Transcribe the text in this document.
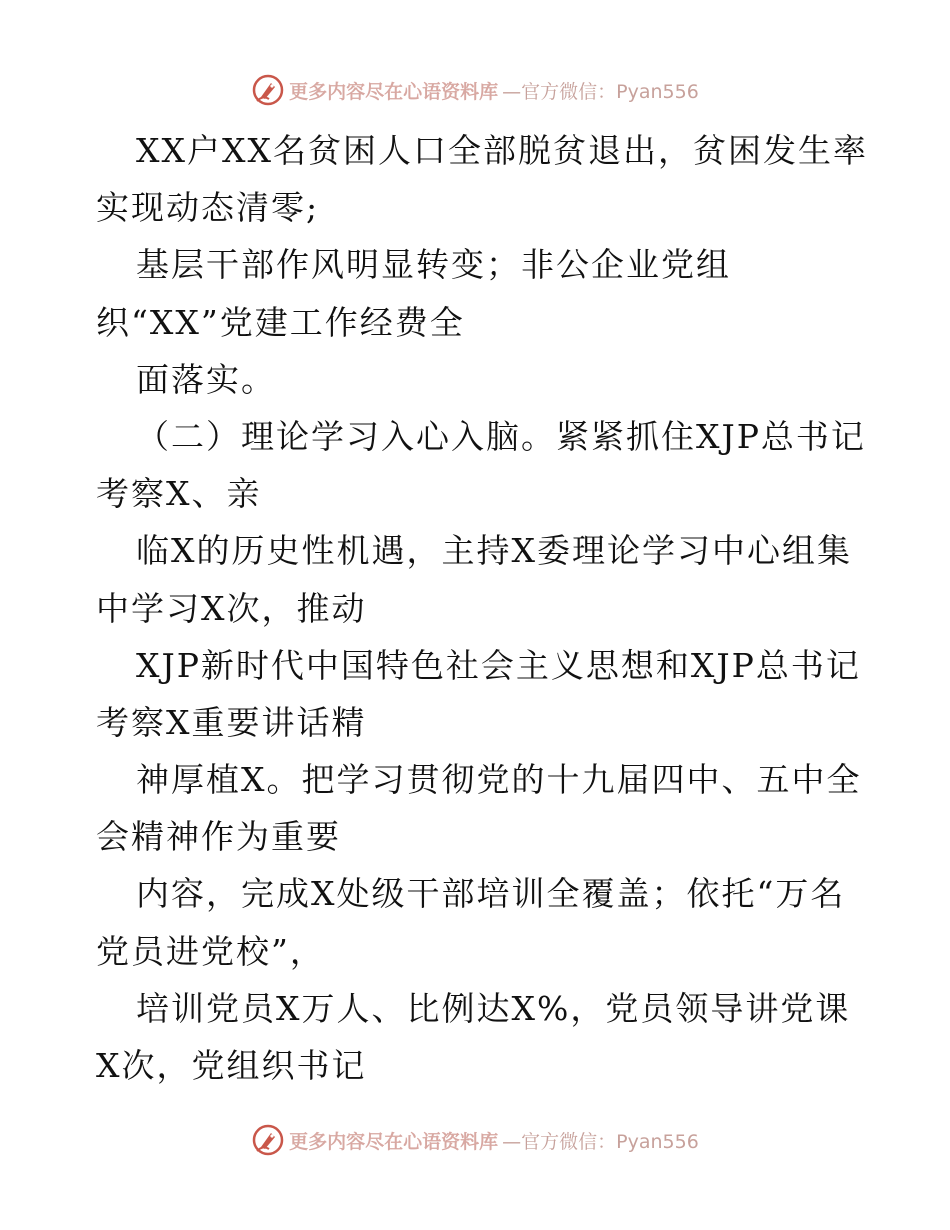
更多内容尽在心语资料库 —官方微信：Pyan556
XX户XX名贫困人口全部脱贫退出，贫困发生率
实现动态清零;
基层干部作风明显转变；非公企业党组
织“XX”党建工作经费全
面落实。
（二）理论学习入心入脑。紧紧抓住XJP总书记
考察X、亲
临X的历史性机遇，主持X委理论学习中心组集
中学习X次，推动
XJP新时代中国特色社会主义思想和XJP总书记
考察X重要讲话精
神厚植X。把学习贯彻党的十九届四中、五中全
会精神作为重要
内容，完成X处级干部培训全覆盖；依托“万名
党员进党校”，
培训党员X万人、比例达X%，党员领导讲党课
X次，党组织书记
更多内容尽在心语资料库 —官方微信：Pyan556
